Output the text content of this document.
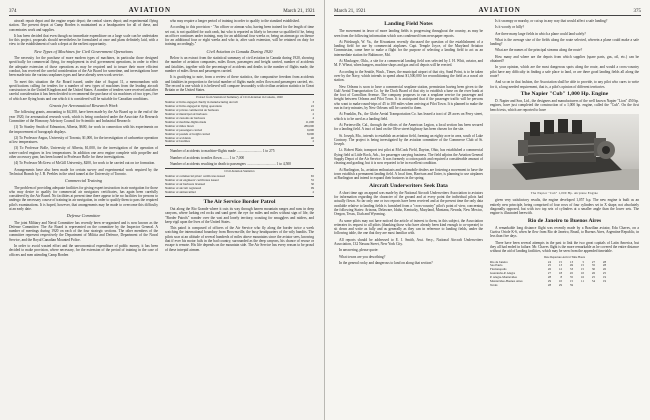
374	AVIATION	March 21, 1921

aircraft repair depot and the engine repair depot; the central stores depot; and experimental flying station. The present depot at Camp Borden is maintained as a headquarters for all of these, and concentrates work and supplies.

It has been decided that even though no immediate expenditure on a large scale can be undertaken for this project, proposals should nevertheless be formulated at once and plans definitely laid, with a view to the establishment of such a depot at the earliest opportunity.

New Types of Machines for Civil Government Operations

The necessity for the purchase of more modern types of machines, in particular those designed specifically for commercial flying, for employment in civil government operations, in order to effect the adequate extension of those operations as may be required and to insure their more efficient conduct, has received the careful consideration of the Air Board for sometime, and investigations have been made into the various seaplanes types and have already seen work service.

To meet this situation the Air Board issued, under date of August 11, a memorandum with specifications calling for tenders for a number of new types of machines from the leading aircraft constructors in the United Kingdom and the United States. A number of tenders were received and after careful consideration it has been decided to recommend the purchase of six machines of two types, five of which are flying boats and one which it is considered will be suitable for Canadian conditions.

Grants for Aeronautical Research Work

The following grants, amounting to $4,300, have been made by the Air Board up to the end of the year 1920, for aeronautical research work, which is being conducted under the Associate Air Research Committee of the Honorary Advisory Council for Scientific and Industrial Research:

(1) To Stanley Smith of Edmonton, Alberta, $600, for work in connection with his experiments on the improvement of barograph displays.

(2) To Professor Angus, University of Toronto, $1,000, for the investigation of carburettor operation at low temperatures.

(3) To Professor Bolle, University of Alberta, $1,000, for the investigation of the operation of water-cooled engines in low temperatures. In addition one aero engine complete with propeller and other accessory gear, has been loaned to Professor Bolle for these investigations.

(4) To Professor McGrew of McGill University, $200, for work to be carried out on ice formation.

Arrangements have also been made for certain survey and experimental work required by the Technical Branch by J. B. Peebles in the wind tunnel at the University of Toronto.

Commercial Training

The problem of providing adequate facilities for giving expert instruction in air navigation for those who may desire to qualify for commercial air navigators certificates, has again been carefully considered by the Air Board. No facilities at present time there appear to be no facilities for persons to undergo the necessary course of training in air navigation, in order to qualify them to pass the required pilot's examinations. It is hoped, however, that arrangements may be made to overcome this difficulty at an early date.

Defense Committee

The joint Military and Naval Committee has recently been re-organized and is now known as the Defense Committee. The Air Board is represented on the committee by the Inspector General. A number of meetings during 1920 on each of the four strategic sections. The other members of the committee represent respectively the Department of Militia and Defence, Department of the Naval Service, and the Royal Canadian Mounted Police.

In order to avoid wasted effort and the uneconomical expenditure of public money, it has been decided to make provision, where necessary, for the extension of the period of training in the case of officers and men attending Camp Borden

who may require a longer period of training in order to qualify to the standard established.

According to this provision - "An officer or airman who, having been trained for the length of time set out, is not qualified for such rank, but who is reported as likely to become so qualified if he, being an officer continues under training, may for an additional four weeks or, being an airman go on thence for an additional four or eight weeks and who is, after such extension, will be retained on duty for training accordingly."

Civil Aviation in Canada During 1920

Below is an extract from the statistical summary of civil aviation in Canada during 1920, showing the number of aviation companies, miles flown, passengers and freight carried, number of accidents and fatalities, together with the percentage of accidents and deaths to the number of flights made, the number of miles flown and passengers carried.

It is gratifying to note, from a review of these statistics, the comparative freedom from accidents and fatalities in proportion to the total number of flights made, miles flown and passengers carried, etc. The record is one which it is believed will compare favourably with civilian aviation statistics in Great Britain or the United States.

Extract from Statistical Summary of Civil Aviation in Canada, 1920
Number of firms engaged chiefly in manufacturing aircraft	3
Number of firms engaged in flying operations	22
Number of private commercial air harbours	22
Number of municipal air harbours	2
Number of customs air harbours	4
Number of machine-flights made	11,000
Number of miles flown	280,000
Number of passengers carried	9,000
Number of pounds of freight carried	8,000
Number of accidents	40
Number of fatalities	2

Number of accidents to machine-flights made ............................ 1 to 275

Number of accidents to miles flown ....... 1 to 7,000

Number of accidents resulting in death to passengers ................................ 1 to 4,500

Civil Aviation Statistics
Number of commercial pilots' certificates issued	65
Number of air engineers' certificates issued	55
Number of air harbours licensed	30
Number of aircraft registered	99
Number of airmen killed	2
The Air Service Border Patrol

Out along the Rio Grande where it cuts its way through barren mountain ranges and runs in deep canyons, where lurking red rocks and sand greet the eye for miles and miles without sign of life, the "Border Patrols" wander over the vast and lonely territory, scouting for smugglers and raiders, and keep vigil upon the lives of the United States.

This patrol is composed of officers of the Air Service who fly along the border twice a week watching the international boundary from Brownsville, the busy headquarters of the wily bandits. The pilots soar at an altitude of several hundreds of miles above mountains since the aviator sees, knowing that if ever his motor fails in the bad country, surrounded as the deep canyons, his chance of rescue or escape is remote. His life depends on the mountain side. The Air Service has every reason to be proud of these intrepid airmen.

March 21, 1921	AVIATION	375
Landing Field Notes

The movement in favor of more landing fields is progressing throughout the country, as may be seen from the following information which was condensed from newspaper reports.

At Pittsburgh, W. Va., the Kiwanians recently discussed the question of the establishment of a landing field for use by commercial airplanes. Capt. Temple Joyce, of the Maryland Aviation Commission, came here to make a flight for the purpose of selecting a landing field to act as an intermediate station for Baltimore, Md.

At Muskogee, Okla., a site for a commercial landing field was selected by J. H. Whit, aviator, and M. F. Wheat, when hangers, machine shops and gas and oil depots will be erected.

According to the Seattle, Wash., Times, the municipal airport of that city, Sand Point, is to be taken over by the Navy, which intends to spend about $1,500,000 for reconditioning the field as a naval air station.

New Orleans is soon to have a commercial seaplane station, permission having been given to the Gulf Aerial Transportation Co. by the Dock Board of that city to establish a base on the river bank at the foot of Carrollton Avenue. The company proposes to run a seaplane service for passenger and freight between Orleans and Pilot Town. It is anticipated that if the passenger traffic will be persons who want to make round-trips of 45 to 100 miles when arriving at Pilot Town. It is planned to make the run in forty minutes, by New Orleans will be carried to them.

At Franklin, Pa., the Globe Aerial Transportation Co. has leased a tract of 28 acres on Ferry street, which is to be used as a landing field.

At Portersville, Cal., through the efforts of the American Legion, a local section has been secured for a landing field. A tract of land on the Olive street highway has been chosen for the site.

St. Joseph, Mo., intends to establish an aviation field, forming an eighty acre in area, south of Lake Contrary. The project is being investigated by the aviation committee of the Commerce Club of St. Joseph.

Lt. Robert Blair, transport test pilot at McCook Field, Dayton, Ohio, has established a commercial flying field at Little Rock, Ark., for passenger carrying business. The field adjoins the Aviation General Supply Depot of the Air Service. It was formerly a cotton patch and required a considerable amount of clearing and grading, but it is now reported to be in excellent condition.

At Burlington, Ia., aviation enthusiasts and automobile dealers are fostering a movement to have the town establish a permanent landing field. A local firm, Harrison and Unter, is planning to use airplanes at Burlington and intend to expand their business in the spring.

Aircraft Underwriters Seek Data

A short time ago an appeal was made by the National Aircraft Underwriters Association to aviators for information regarding the character of the ground and at every point the individual pilots had actually flown. So far only one or two reports have been received and at the present time the only data available relative to landing fields is furnished from a "cross-country" pilot's point of view, concerning the following States: Arizona, Delaware, Idaho, Kentucky, Maryland, Montana, Nevada, New Mexico, Oregon, Texas, Utah and Wyoming.

As some pilots may not have noticed the article of interest to them, in this subject, the Association reiterates its request to all pilots (thanking those who have already been kind enough to co-operate) to sit down and write as fully and as generally as they can in reference to landing fields, under the following table, the one that they are most familiar with.

All reports should be addressed to E. J. Smith, Asst. Secy., National Aircraft Underwriters Association, 132 Nassau Street, New York City.

In answering, please quote:

What towns are you describing?

In the general rocky and dangerous to land on along that section?

Is it swampy or marshy, or cut up in any way that would affect a safe landing?

Is it woody or hilly?

Are there many large fields in which a plane could land safely?

What is the average size of the fields along the route selected, wherein a plane could make a safe landing?

What are the names of the principal streams along the route?

How many and where are the depots from which supplies (spare parts, gas, oil, etc.) can be obtained?

In your opinion, which are the most dangerous spots along the route, and would a cross-country pilot have any difficulty in finding a safe place to land, or are there good landing fields all along the route?

And so on in that fashion, the Association shall be able to provide, to any pilot who cares to write for it, a long needed requirement, that is, a pilot's opinion of different territories.

The Napier "Cub" 1,000 Hp. Engine

D. Napier and Son, Ltd., the designers and manufacturers of the well known Napier "Lion" 450 hp. engines, have just completed the construction of a 1,000 hp. engine, called the "Cub". On the first bench tests, which are reported to have

The Napier "Cub" 1,000 Hp. Airplane Engine

given very satisfactory results, the engine developed 1,057 h.p. The new engine is built as an entirely new principle, being comprised of four rows of four cylinders set in X shape, not absolutely diagonally opposed, but with two top sets of cylinders at a smaller angle than the lower sets. The engine is illustrated herewith.

Rio de Janeiro to Buenos Aires

A remarkable long distance flight was recently made by a Brazilian aviator, Edu Chaves, on a Curtiss Oriole K-6, when he flew from Rio de Janeiro, Brazil, to Buenos Aires, Argentine Republic, in less than five days.

There have been several attempts in the past to link the two great capitals of Latin America, but they all had ended in failure. Mr. Chaves flight is the more remarkable as he covered the entire distance without the aid of landing facilities, which may be seen from the appended timetable.

Date Departure Arrival Time Hours
Rio de Janeiro	24	15	13	5	27	28
Sao Paulo	25	13	49	15	35	28
Florianopolis	26	12	33	15	30	26
Guaratuba-P. Alegre	27	18	45	10	26	25
P. Alegre-Montevideo	28	8	35	16	25	19
Montevideo-Buenos Aires	29	10	15	11	54	19
Totals	28	29	59
